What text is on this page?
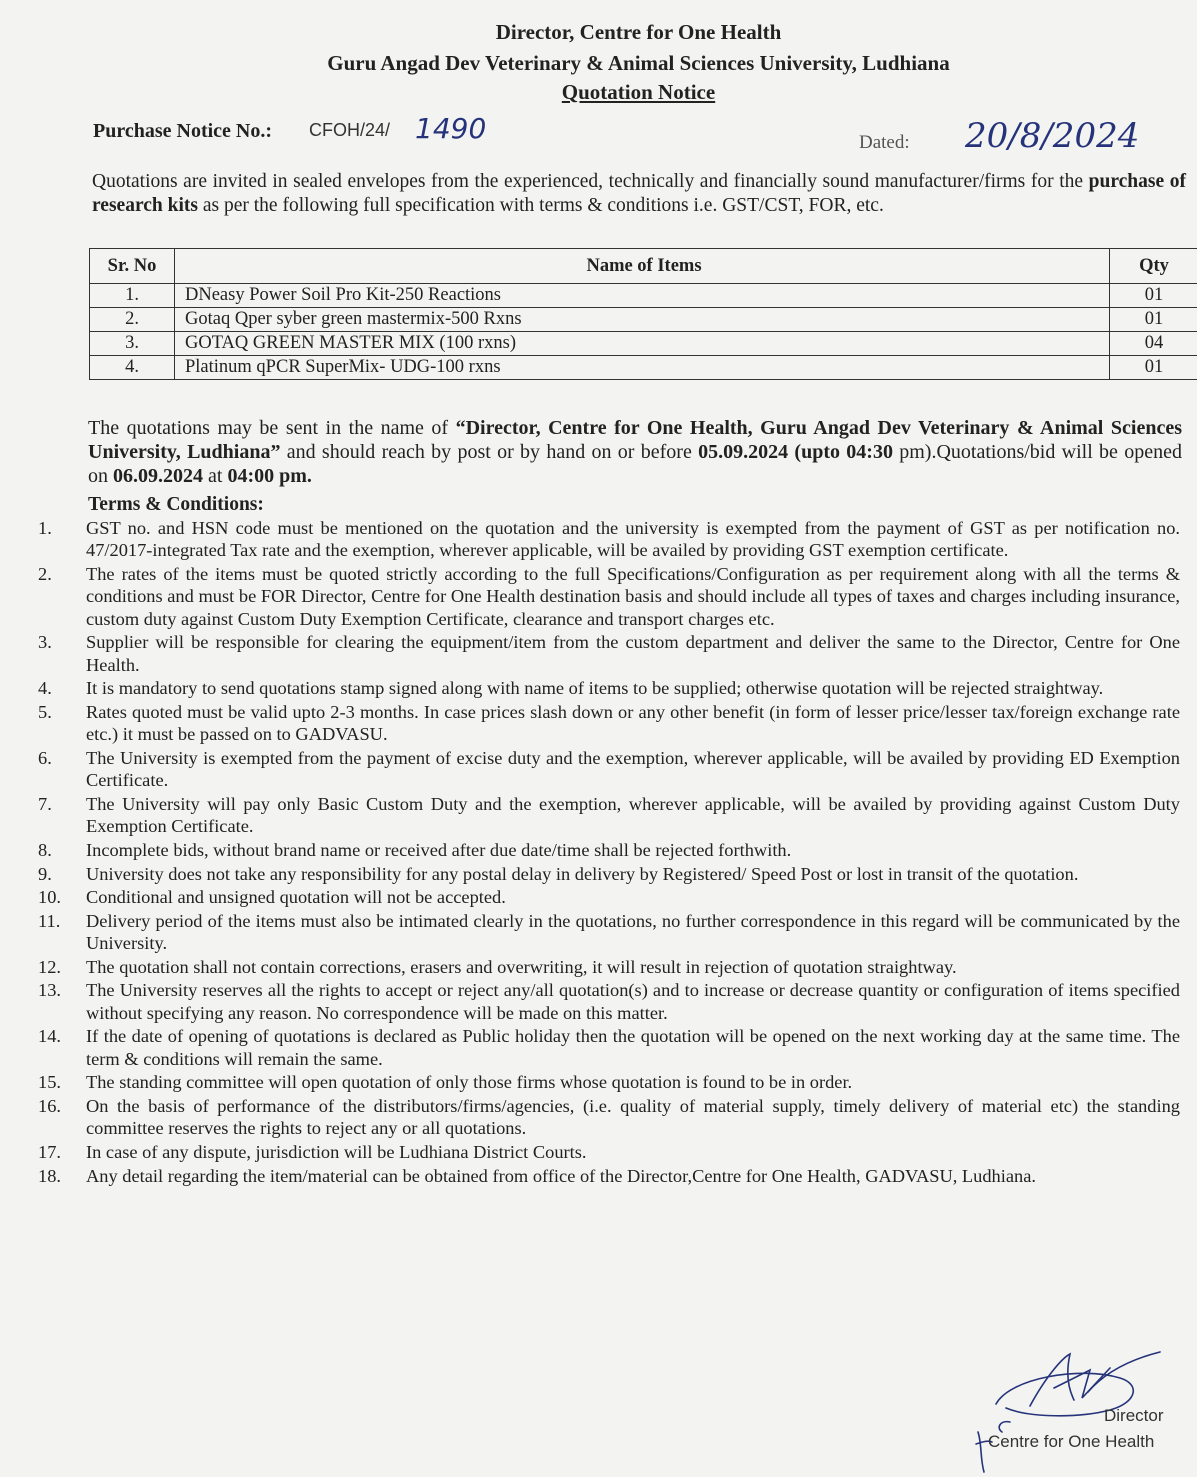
Director, Centre for One Health
Guru Angad Dev Veterinary & Animal Sciences University, Ludhiana
Quotation Notice
Purchase Notice No.: CFOH/24/ 1490	Dated: 20/8/2024
Quotations are invited in sealed envelopes from the experienced, technically and financially sound manufacturer/firms for the purchase of research kits as per the following full specification with terms & conditions i.e. GST/CST, FOR, etc.
Sr. No	Name of Items	Qty
1.	DNeasy Power Soil Pro Kit-250 Reactions	01
2.	Gotaq Qper syber green mastermix-500 Rxns	01
3.	GOTAQ GREEN MASTER MIX (100 rxns)	04
4.	Platinum qPCR SuperMix- UDG-100 rxns	01
The quotations may be sent in the name of “Director, Centre for One Health, Guru Angad Dev Veterinary & Animal Sciences University, Ludhiana” and should reach by post or by hand on or before 05.09.2024 (upto 04:30 pm).Quotations/bid will be opened on 06.09.2024 at 04:00 pm.
Terms & Conditions:
1. GST no. and HSN code must be mentioned on the quotation and the university is exempted from the payment of GST as per notification no. 47/2017-integrated Tax rate and the exemption, wherever applicable, will be availed by providing GST exemption certificate.
2. The rates of the items must be quoted strictly according to the full Specifications/Configuration as per requirement along with all the terms & conditions and must be FOR Director, Centre for One Health destination basis and should include all types of taxes and charges including insurance, custom duty against Custom Duty Exemption Certificate, clearance and transport charges etc.
3. Supplier will be responsible for clearing the equipment/item from the custom department and deliver the same to the Director, Centre for One Health.
4. It is mandatory to send quotations stamp signed along with name of items to be supplied; otherwise quotation will be rejected straightway.
5. Rates quoted must be valid upto 2-3 months. In case prices slash down or any other benefit (in form of lesser price/lesser tax/foreign exchange rate etc.) it must be passed on to GADVASU.
6. The University is exempted from the payment of excise duty and the exemption, wherever applicable, will be availed by providing ED Exemption Certificate.
7. The University will pay only Basic Custom Duty and the exemption, wherever applicable, will be availed by providing against Custom Duty Exemption Certificate.
8. Incomplete bids, without brand name or received after due date/time shall be rejected forthwith.
9. University does not take any responsibility for any postal delay in delivery by Registered/ Speed Post or lost in transit of the quotation.
10. Conditional and unsigned quotation will not be accepted.
11. Delivery period of the items must also be intimated clearly in the quotations, no further correspondence in this regard will be communicated by the University.
12. The quotation shall not contain corrections, erasers and overwriting, it will result in rejection of quotation straightway.
13. The University reserves all the rights to accept or reject any/all quotation(s) and to increase or decrease quantity or configuration of items specified without specifying any reason. No correspondence will be made on this matter.
14. If the date of opening of quotations is declared as Public holiday then the quotation will be opened on the next working day at the same time. The term & conditions will remain the same.
15. The standing committee will open quotation of only those firms whose quotation is found to be in order.
16. On the basis of performance of the distributors/firms/agencies, (i.e. quality of material supply, timely delivery of material etc) the standing committee reserves the rights to reject any or all quotations.
17. In case of any dispute, jurisdiction will be Ludhiana District Courts.
18. Any detail regarding the item/material can be obtained from office of the Director,Centre for One Health, GADVASU, Ludhiana.
Director
Centre for One Health
